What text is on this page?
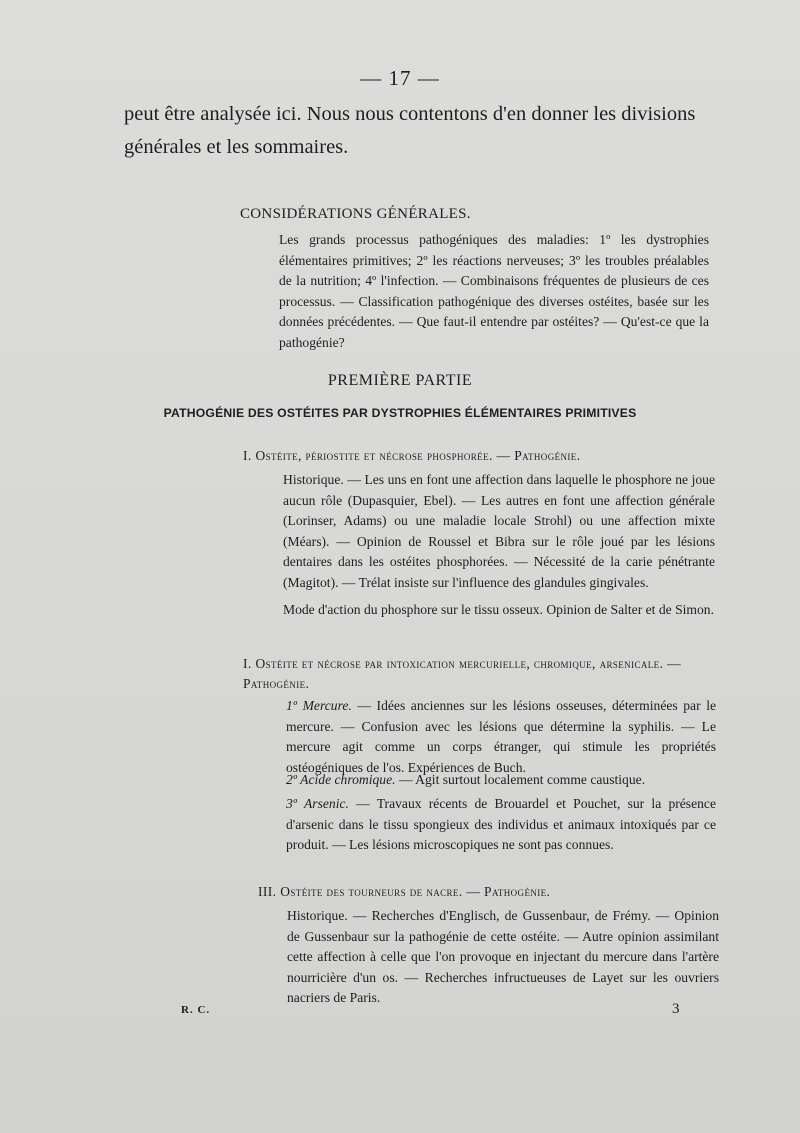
— 17 —

peut être analysée ici. Nous nous contentons d'en donner les divisions générales et les sommaires.

CONSIDÉRATIONS GÉNÉRALES.

Les grands processus pathogéniques des maladies: 1º les dystrophies élémentaires primitives; 2º les réactions nerveuses; 3º les troubles préalables de la nutrition; 4º l'infection. — Combinaisons fréquentes de plusieurs de ces processus. — Classification pathogénique des diverses ostéites, basée sur les données précédentes. — Que faut-il entendre par ostéites? — Qu'est-ce que la pathogénie?

PREMIÈRE PARTIE
PATHOGÉNIE DES OSTÉITES PAR DYSTROPHIES ÉLÉMENTAIRES PRIMITIVES
I. Ostéite, périostite et nécrose phosphorée. — Pathogénie.

Historique. — Les uns en font une affection dans laquelle le phosphore ne joue aucun rôle (Dupasquier, Ebel). — Les autres en font une affection générale (Lorinser, Adams) ou une maladie locale Strohl) ou une affection mixte (Méars). — Opinion de Roussel et Bibra sur le rôle joué par les lésions dentaires dans les ostéites phosphorées. — Nécessité de la carie pénétrante (Magitot). — Trélat insiste sur l'influence des glandules gingivales.

Mode d'action du phosphore sur le tissu osseux. Opinion de Salter et de Simon.

I. Ostéite et nécrose par intoxication mercurielle, chromique, arsenicale. — Pathogénie.

1º Mercure. — Idées anciennes sur les lésions osseuses, déterminées par le mercure. — Confusion avec les lésions que détermine la syphilis. — Le mercure agit comme un corps étranger, qui stimule les propriétés ostéogéniques de l'os. Expériences de Buch.

2º Acide chromique. — Agit surtout localement comme caustique.

3º Arsenic. — Travaux récents de Brouardel et Pouchet, sur la présence d'arsenic dans le tissu spongieux des individus et animaux intoxiqués par ce produit. — Les lésions microscopiques ne sont pas connues.

III. Ostéite des tourneurs de nacre. — Pathogénie.

Historique. — Recherches d'Englisch, de Gussenbaur, de Frémy. — Opinion de Gussenbaur sur la pathogénie de cette ostéite. — Autre opinion assimilant cette affection à celle que l'on provoque en injectant du mercure dans l'artère nourricière d'un os. — Recherches infructueuses de Layet sur les ouvriers nacriers de Paris.

R. C.	3
